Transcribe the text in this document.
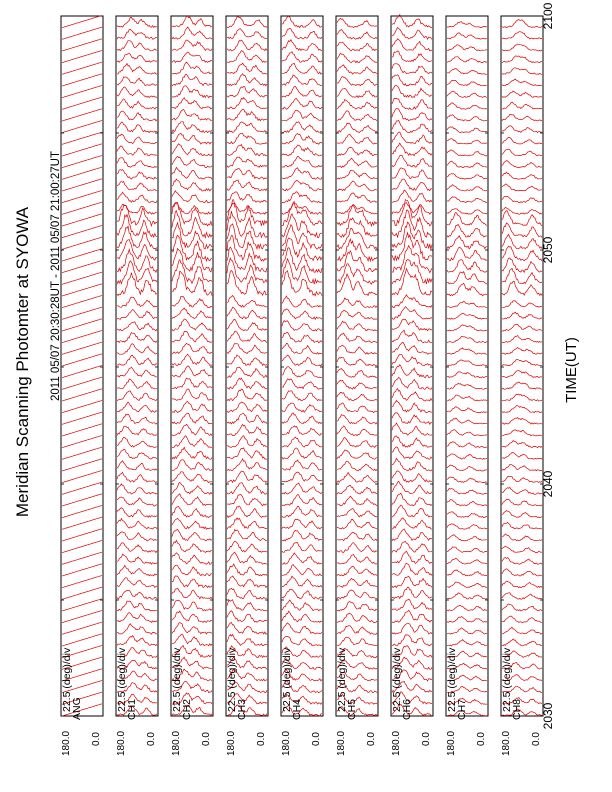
Meridian Scanning Photomter at SYOWA 2011 05/07 20:30:28UT - 2011 05/07 21:00:27UT	TIME(UT)
2030
2040
2050
2100
22.5 (deg)/div
180.0
ANG
0.0
22.5 (deg)/div
180.0
CH1
0.0
22.5 (deg)/div
180.0
CH2
0.0
22.5 (deg)/div
180.0
CH3
0.0
22.5 (deg)/div
180.0
CH4
0.0
22.5 (deg)/div
180.0
CH5
0.0
22.5 (deg)/div
180.0
CH6
0.0
22.5 (deg)/div
180.0
CH7
0.0
22.5 (deg)/div
180.0
CH8
0.0
